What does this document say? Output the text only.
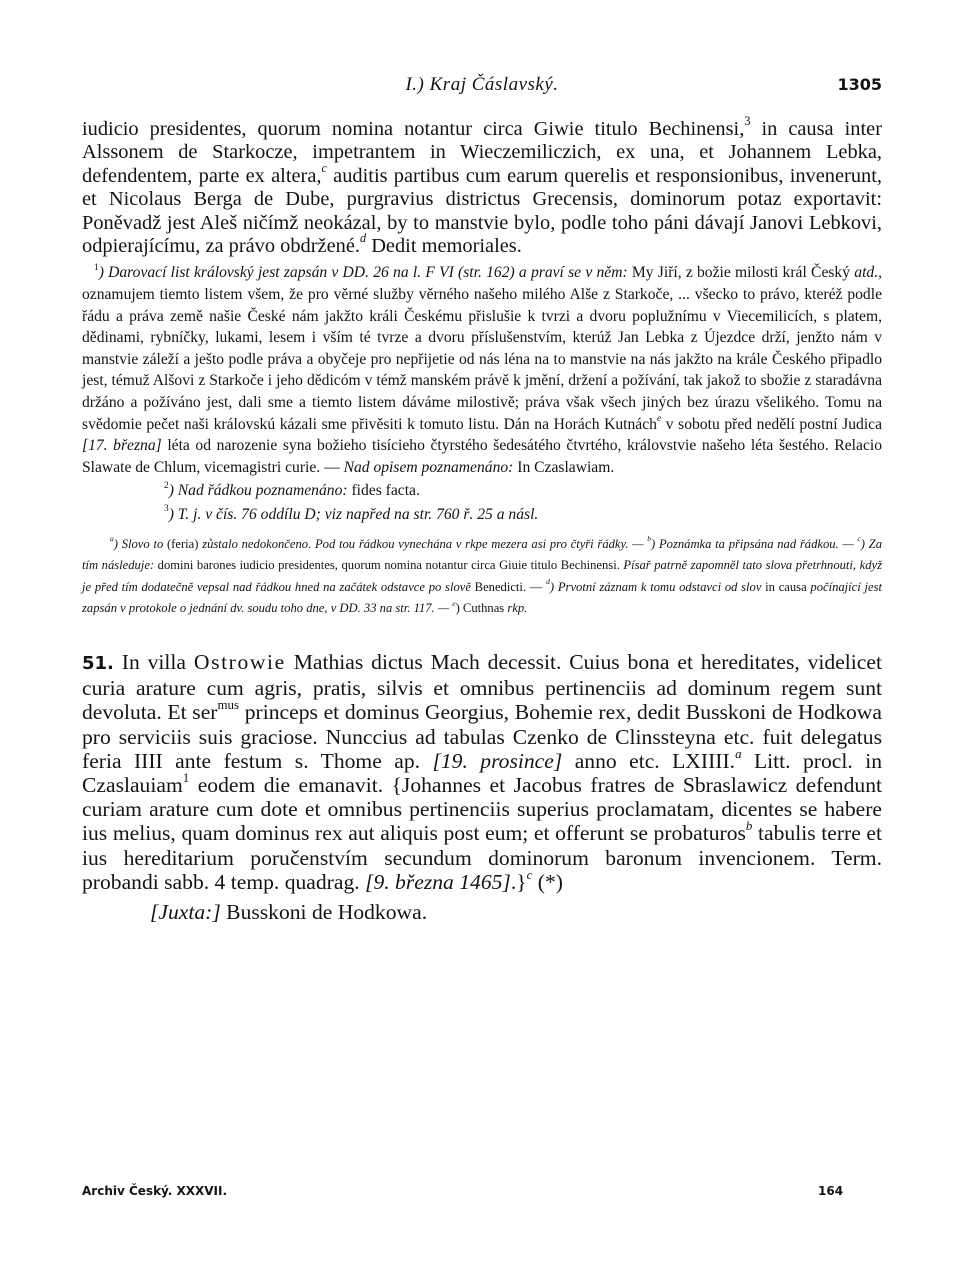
I.) Kraj Čáslavský.	1305

iudicio presidentes, quorum nomina notantur circa Giwie titulo Bechinensi,$^3$ in causa inter Alssonem de Starkocze, impetrantem in Wieczemiliczich, ex una, et Johannem Lebka, defendentem, parte ex altera,$^c$ auditis partibus cum earum querelis et responsionibus, invenerunt, et Nicolaus Berga de Dube, purgravius districtus Grecensis, dominorum potaz exportavit: Poněvadž jest Aleš ničímž neokázal, by to manstvie bylo, podle toho páni dávají Janovi Lebkovi, odpierajícímu, za právo obdržené.$^d$ Dedit memoriales.

$^1$) Darovací list královský jest zapsán v DD. 26 na l. F VI (str. 162) a praví se v něm: My Jiří, z božie milosti král Český atd., oznamujem tiemto listem všem, že pro věrné služby věrného našeho milého Alše z Starkoče, ... všecko to právo, kteréž podle řádu a práva země našie České nám jakžto králi Českému přislušie k tvrzi a dvoru poplužnímu v Viecemilicích, s platem, dědinami, rybníčky, lukami, lesem i vším té tvrze a dvoru příslušenstvím, kterúž Jan Lebka z Újezdce drží, jenžto nám v manstvie záleží a ješto podle práva a obyčeje pro nepřijetie od nás léna na to manstvie na nás jakžto na krále Českého připadlo jest, témuž Alšovi z Starkoče i jeho dědicóm v témž manském právě k jmění, držení a požívání, tak jakož to sbožie z staradávna držáno a požíváno jest, dali sme a tiemto listem dáváme milostivě; práva však všech jiných bez úrazu všelikého. Tomu na svědomie pečet naši královskú kázali sme přivěsiti k tomuto listu. Dán na Horách Kutnách$^e$ v sobotu před nedělí postní Judica [17. března] léta od narozenie syna božieho tisícieho čtyrstého šedesátého čtvrtého, královstvie našeho léta šestého. Relacio Slawate de Chlum, vicemagistri curie. — Nad opisem poznamenáno: In Czaslawiam.

$^2$) Nad řádkou poznamenáno: fides facta.

$^3$) T. j. v čís. 76 oddílu D; viz napřed na str. 760 ř. 25 a násl.

$^a$) Slovo to (feria) zůstalo nedokončeno. Pod tou řádkou vynechána v rkpe mezera asi pro čtyři řádky. — $^b$) Poznámka ta připsána nad řádkou. — $^c$) Za tím následuje: domini barones iudicio presidentes, quorum nomina notantur circa Giuie titulo Bechinensi. Písař patrně zapomněl tato slova přetrhnouti, když je před tím dodatečně vepsal nad řádkou hned na začátek odstavce po slově Benedicti. — $^d$) Prvotní záznam k tomu odstavci od slov in causa počínající jest zapsán v protokole o jednání dv. soudu toho dne, v DD. 33 na str. 117. — $^e$) Cuthnas rkp.

51. In villa Ostrowie Mathias dictus Mach decessit. Cuius bona et hereditates, videlicet curia arature cum agris, pratis, silvis et omnibus pertinenciis ad dominum regem sunt devoluta. Et ser$^{mus}$ princeps et dominus Georgius, Bohemie rex, dedit Busskoni de Hodkowa pro serviciis suis graciose. Nunccius ad tabulas Czenko de Clinssteyna etc. fuit delegatus feria IIII ante festum s. Thome ap. [19. prosince] anno etc. LXIIII.$^a$ Litt. procl. in Czaslauiam$^1$ eodem die emanavit. {Johannes et Jacobus fratres de Sbraslawicz defendunt curiam arature cum dote et omnibus pertinenciis superius proclamatam, dicentes se habere ius melius, quam dominus rex aut aliquis post eum; et offerunt se probaturos$^b$ tabulis terre et ius hereditarium poručenstvím secundum dominorum baronum invencionem. Term. probandi sabb. 4 temp. quadrag. [9. března 1465].}$^c$ (*)

[Juxta:] Busskoni de Hodkowa.

Archiv Český. XXXVII.	164
